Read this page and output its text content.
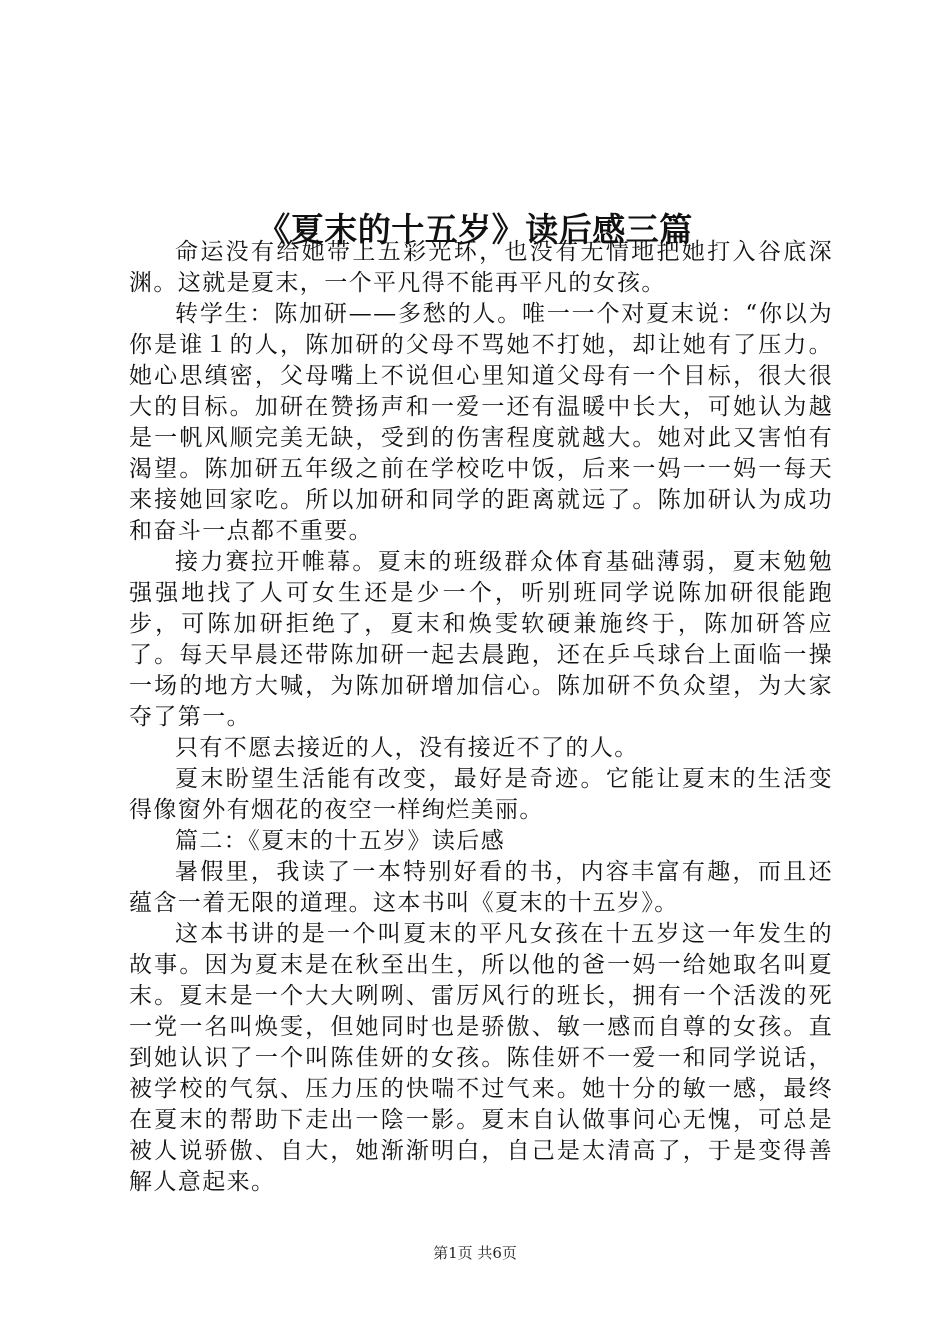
《夏末的十五岁》读后感三篇

命运没有给她带上五彩光环，也没有无情地把她打入谷底深渊。这就是夏末，一个平凡得不能再平凡的女孩。

转学生：陈加研——多愁的人。唯一一个对夏末说：“你以为你是谁１的人，陈加研的父母不骂她不打她，却让她有了压力。她心思缜密，父母嘴上不说但心里知道父母有一个目标，很大很大的目标。加研在赞扬声和一爱一还有温暖中长大，可她认为越是一帆风顺完美无缺，受到的伤害程度就越大。她对此又害怕有渴望。陈加研五年级之前在学校吃中饭，后来一妈一一妈一每天来接她回家吃。所以加研和同学的距离就远了。陈加研认为成功和奋斗一点都不重要。

接力赛拉开帷幕。夏末的班级群众体育基础薄弱，夏末勉勉强强地找了人可女生还是少一个，听别班同学说陈加研很能跑步，可陈加研拒绝了，夏末和焕雯软硬兼施终于，陈加研答应了。每天早晨还带陈加研一起去晨跑，还在乒乓球台上面临一操一场的地方大喊，为陈加研增加信心。陈加研不负众望，为大家夺了第一。

只有不愿去接近的人，没有接近不了的人。

夏末盼望生活能有改变，最好是奇迹。它能让夏末的生活变得像窗外有烟花的夜空一样绚烂美丽。

篇二：《夏末的十五岁》读后感

暑假里，我读了一本特别好看的书，内容丰富有趣，而且还蕴含一着无限的道理。这本书叫《夏末的十五岁》。

这本书讲的是一个叫夏末的平凡女孩在十五岁这一年发生的故事。因为夏末是在秋至出生，所以他的爸一妈一给她取名叫夏末。夏末是一个大大咧咧、雷厉风行的班长，拥有一个活泼的死一党一名叫焕雯，但她同时也是骄傲、敏一感而自尊的女孩。直到她认识了一个叫陈佳妍的女孩。陈佳妍不一爱一和同学说话，被学校的气氛、压力压的快喘不过气来。她十分的敏一感，最终在夏末的帮助下走出一陰一影。夏末自认做事问心无愧，可总是被人说骄傲、自大，她渐渐明白，自己是太清高了，于是变得善解人意起来。

第1页 共6页
